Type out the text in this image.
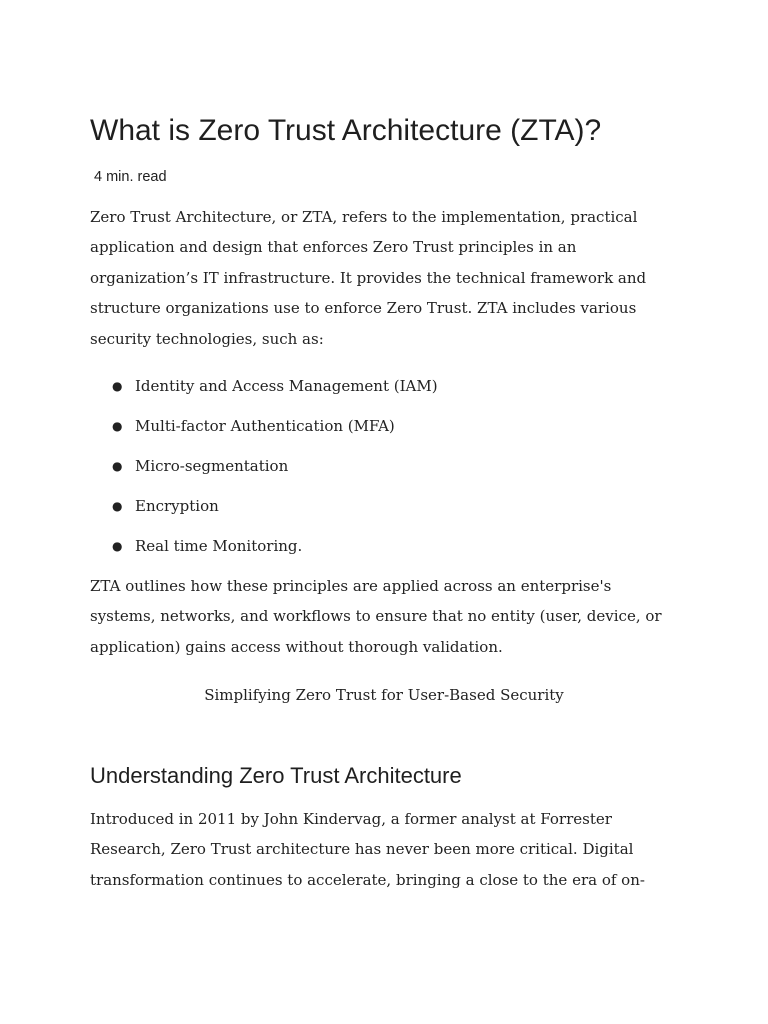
What is Zero Trust Architecture (ZTA)?
4 min. read

Zero Trust Architecture, or ZTA, refers to the implementation, practical application and design that enforces Zero Trust principles in an organization’s IT infrastructure. It provides the technical framework and structure organizations use to enforce Zero Trust. ZTA includes various security technologies, such as:

● Identity and Access Management (IAM)
● Multi-factor Authentication (MFA)
● Micro-segmentation
● Encryption
● Real time Monitoring.

ZTA outlines how these principles are applied across an enterprise's systems, networks, and workflows to ensure that no entity (user, device, or application) gains access without thorough validation.

Simplifying Zero Trust for User-Based Security
Understanding Zero Trust Architecture

Introduced in 2011 by John Kindervag, a former analyst at Forrester Research, Zero Trust architecture has never been more critical. Digital transformation continues to accelerate, bringing a close to the era of on-
